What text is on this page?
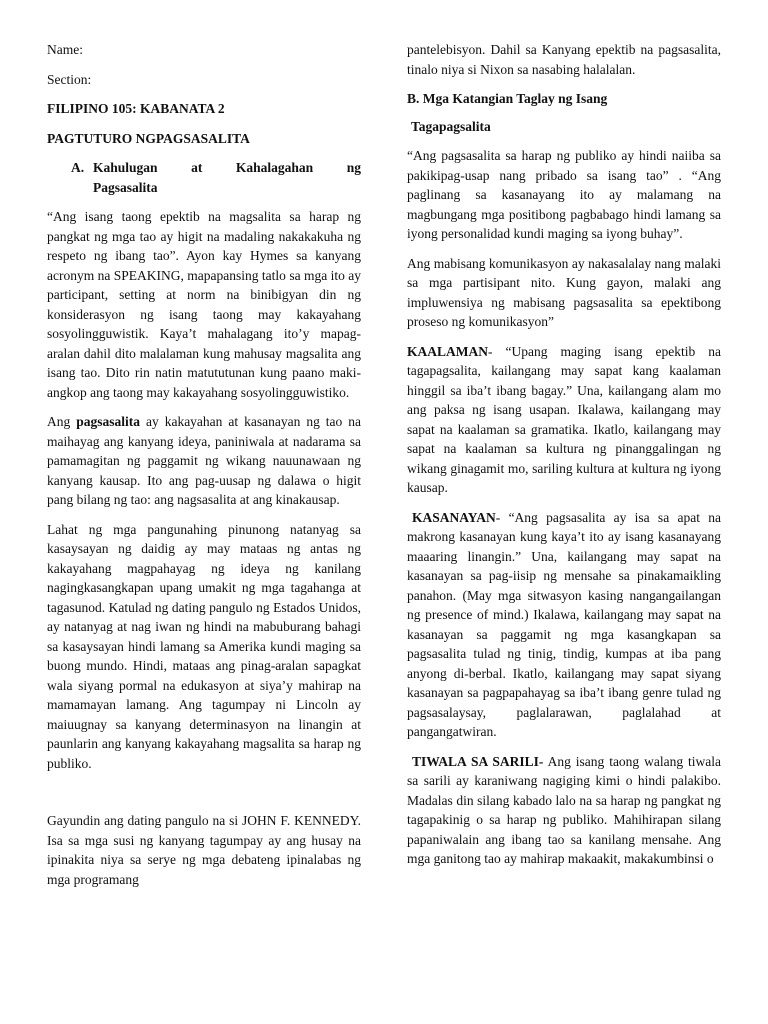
Name:

Section:

FILIPINO 105: KABANATA 2

PAGTUTURO NGPAGSASALITA

A. Kahulugan at Kahalagahan ng
Pagsasalita

“Ang isang taong epektib na magsalita sa harap ng pangkat ng mga tao ay higit na madaling nakakakuha ng respeto ng ibang tao”. Ayon kay Hymes sa kanyang acronym na SPEAKING, mapapansing tatlo sa mga ito ay participant, setting at norm na binibigyan din ng konsiderasyon ng isang taong may kakayahang sosyolingguwistik. Kaya’t mahalagang ito’y mapag-aralan dahil dito malalaman kung mahusay magsalita ang isang tao. Dito rin natin matututunan kung paano maki-angkop ang taong may kakayahang sosyolingguwistiko.

Ang pagsasalita ay kakayahan at kasanayan ng tao na maihayag ang kanyang ideya, paniniwala at nadarama sa pamamagitan ng paggamit ng wikang nauunawaan ng kanyang kausap. Ito ang pag-uusap ng dalawa o higit pang bilang ng tao: ang nagsasalita at ang kinakausap.

Lahat ng mga pangunahing pinunong natanyag sa kasaysayan ng daidig ay may mataas ng antas ng kakayahang magpahayag ng ideya ng kanilang nagingkasangkapan upang umakit ng mga tagahanga at tagasunod. Katulad ng dating pangulo ng Estados Unidos, ay natanyag at nag iwan ng hindi na mabuburang bahagi sa kasaysayan hindi lamang sa Amerika kundi maging sa buong mundo. Hindi, mataas ang pinag-aralan sapagkat wala siyang pormal na edukasyon at siya’y mahirap na mamamayan lamang. Ang tagumpay ni Lincoln ay maiuugnay sa kanyang determinasyon na linangin at paunlarin ang kanyang kakayahang magsalita sa harap ng publiko.

Gayundin ang dating pangulo na si JOHN F. KENNEDY. Isa sa mga susi ng kanyang tagumpay ay ang husay na ipinakita niya sa serye ng mga debateng ipinalabas ng mga programang

pantelebisyon. Dahil sa Kanyang epektib na pagsasalita, tinalo niya si Nixon sa nasabing halalalan.

B. Mga Katangian Taglay ng Isang

Tagapagsalita

“Ang pagsasalita sa harap ng publiko ay hindi naiiba sa pakikipag-usap nang pribado sa isang tao” . “Ang paglinang sa kasanayang ito ay malamang na magbungang mga positibong pagbabago hindi lamang sa iyong personalidad kundi maging sa iyong buhay”.

Ang mabisang komunikasyon ay nakasalalay nang malaki sa mga partisipant nito. Kung gayon, malaki ang impluwensiya ng mabisang pagsasalita sa epektibong proseso ng komunikasyon”

KAALAMAN- “Upang maging isang epektib na tagapagsalita, kailangang may sapat kang kaalaman hinggil sa iba’t ibang bagay.” Una, kailangang alam mo ang paksa ng isang usapan. Ikalawa, kailangang may sapat na kaalaman sa gramatika. Ikatlo, kailangang may sapat na kaalaman sa kultura ng pinanggalingan ng wikang ginagamit mo, sariling kultura at kultura ng iyong kausap.

KASANAYAN- “Ang pagsasalita ay isa sa apat na makrong kasanayan kung kaya’t ito ay isang kasanayang maaaring linangin.” Una, kailangang may sapat na kasanayan sa pag-iisip ng mensahe sa pinakamaikling panahon. (May mga sitwasyon kasing nangangailangan ng presence of mind.) Ikalawa, kailangang may sapat na kasanayan sa paggamit ng mga kasangkapan sa pagsasalita tulad ng tinig, tindig, kumpas at iba pang anyong di-berbal. Ikatlo, kailangang may sapat siyang kasanayan sa pagpapahayag sa iba’t ibang genre tulad ng pagsasalaysay, paglalarawan, paglalahad at pangangatwiran.

TIWALA SA SARILI- Ang isang taong walang tiwala sa sarili ay karaniwang nagiging kimi o hindi palakibo. Madalas din silang kabado lalo na sa harap ng pangkat ng tagapakinig o sa harap ng publiko. Mahihirapan silang papaniwalain ang ibang tao sa kanilang mensahe. Ang mga ganitong tao ay mahirap makaakit, makakumbinsi o
